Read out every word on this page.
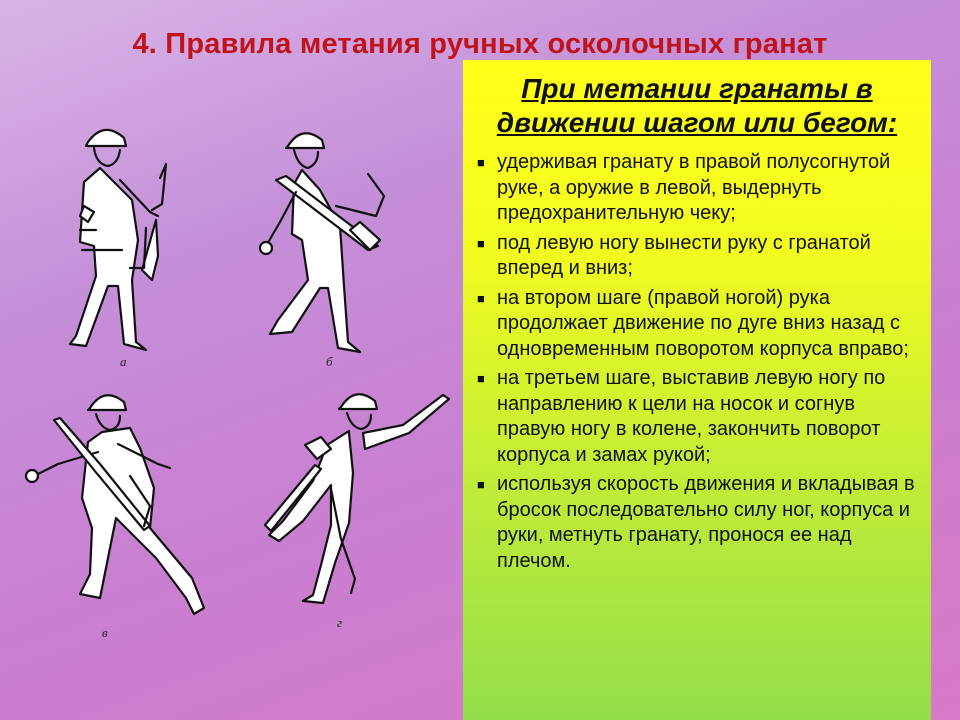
4. Правила метания ручных осколочных гранат
а	б
в
г
При метании гранаты в движении шагом или бегом:
■ удерживая гранату в правой полусогнутой руке, а оружие в левой, выдернуть предохранительную чеку;
■ под левую ногу вынести руку с гранатой вперед и вниз;
■ на втором шаге (правой ногой) рука продолжает движение по дуге вниз назад с одновременным поворотом корпуса вправо;
■ на третьем шаге, выставив левую ногу по направлению к цели на носок и согнув правую ногу в колене, закончить поворот корпуса и замах рукой;
■ используя скорость движения и вкладывая в бросок последовательно силу ног, корпуса и руки, метнуть гранату, пронося ее над плечом.
